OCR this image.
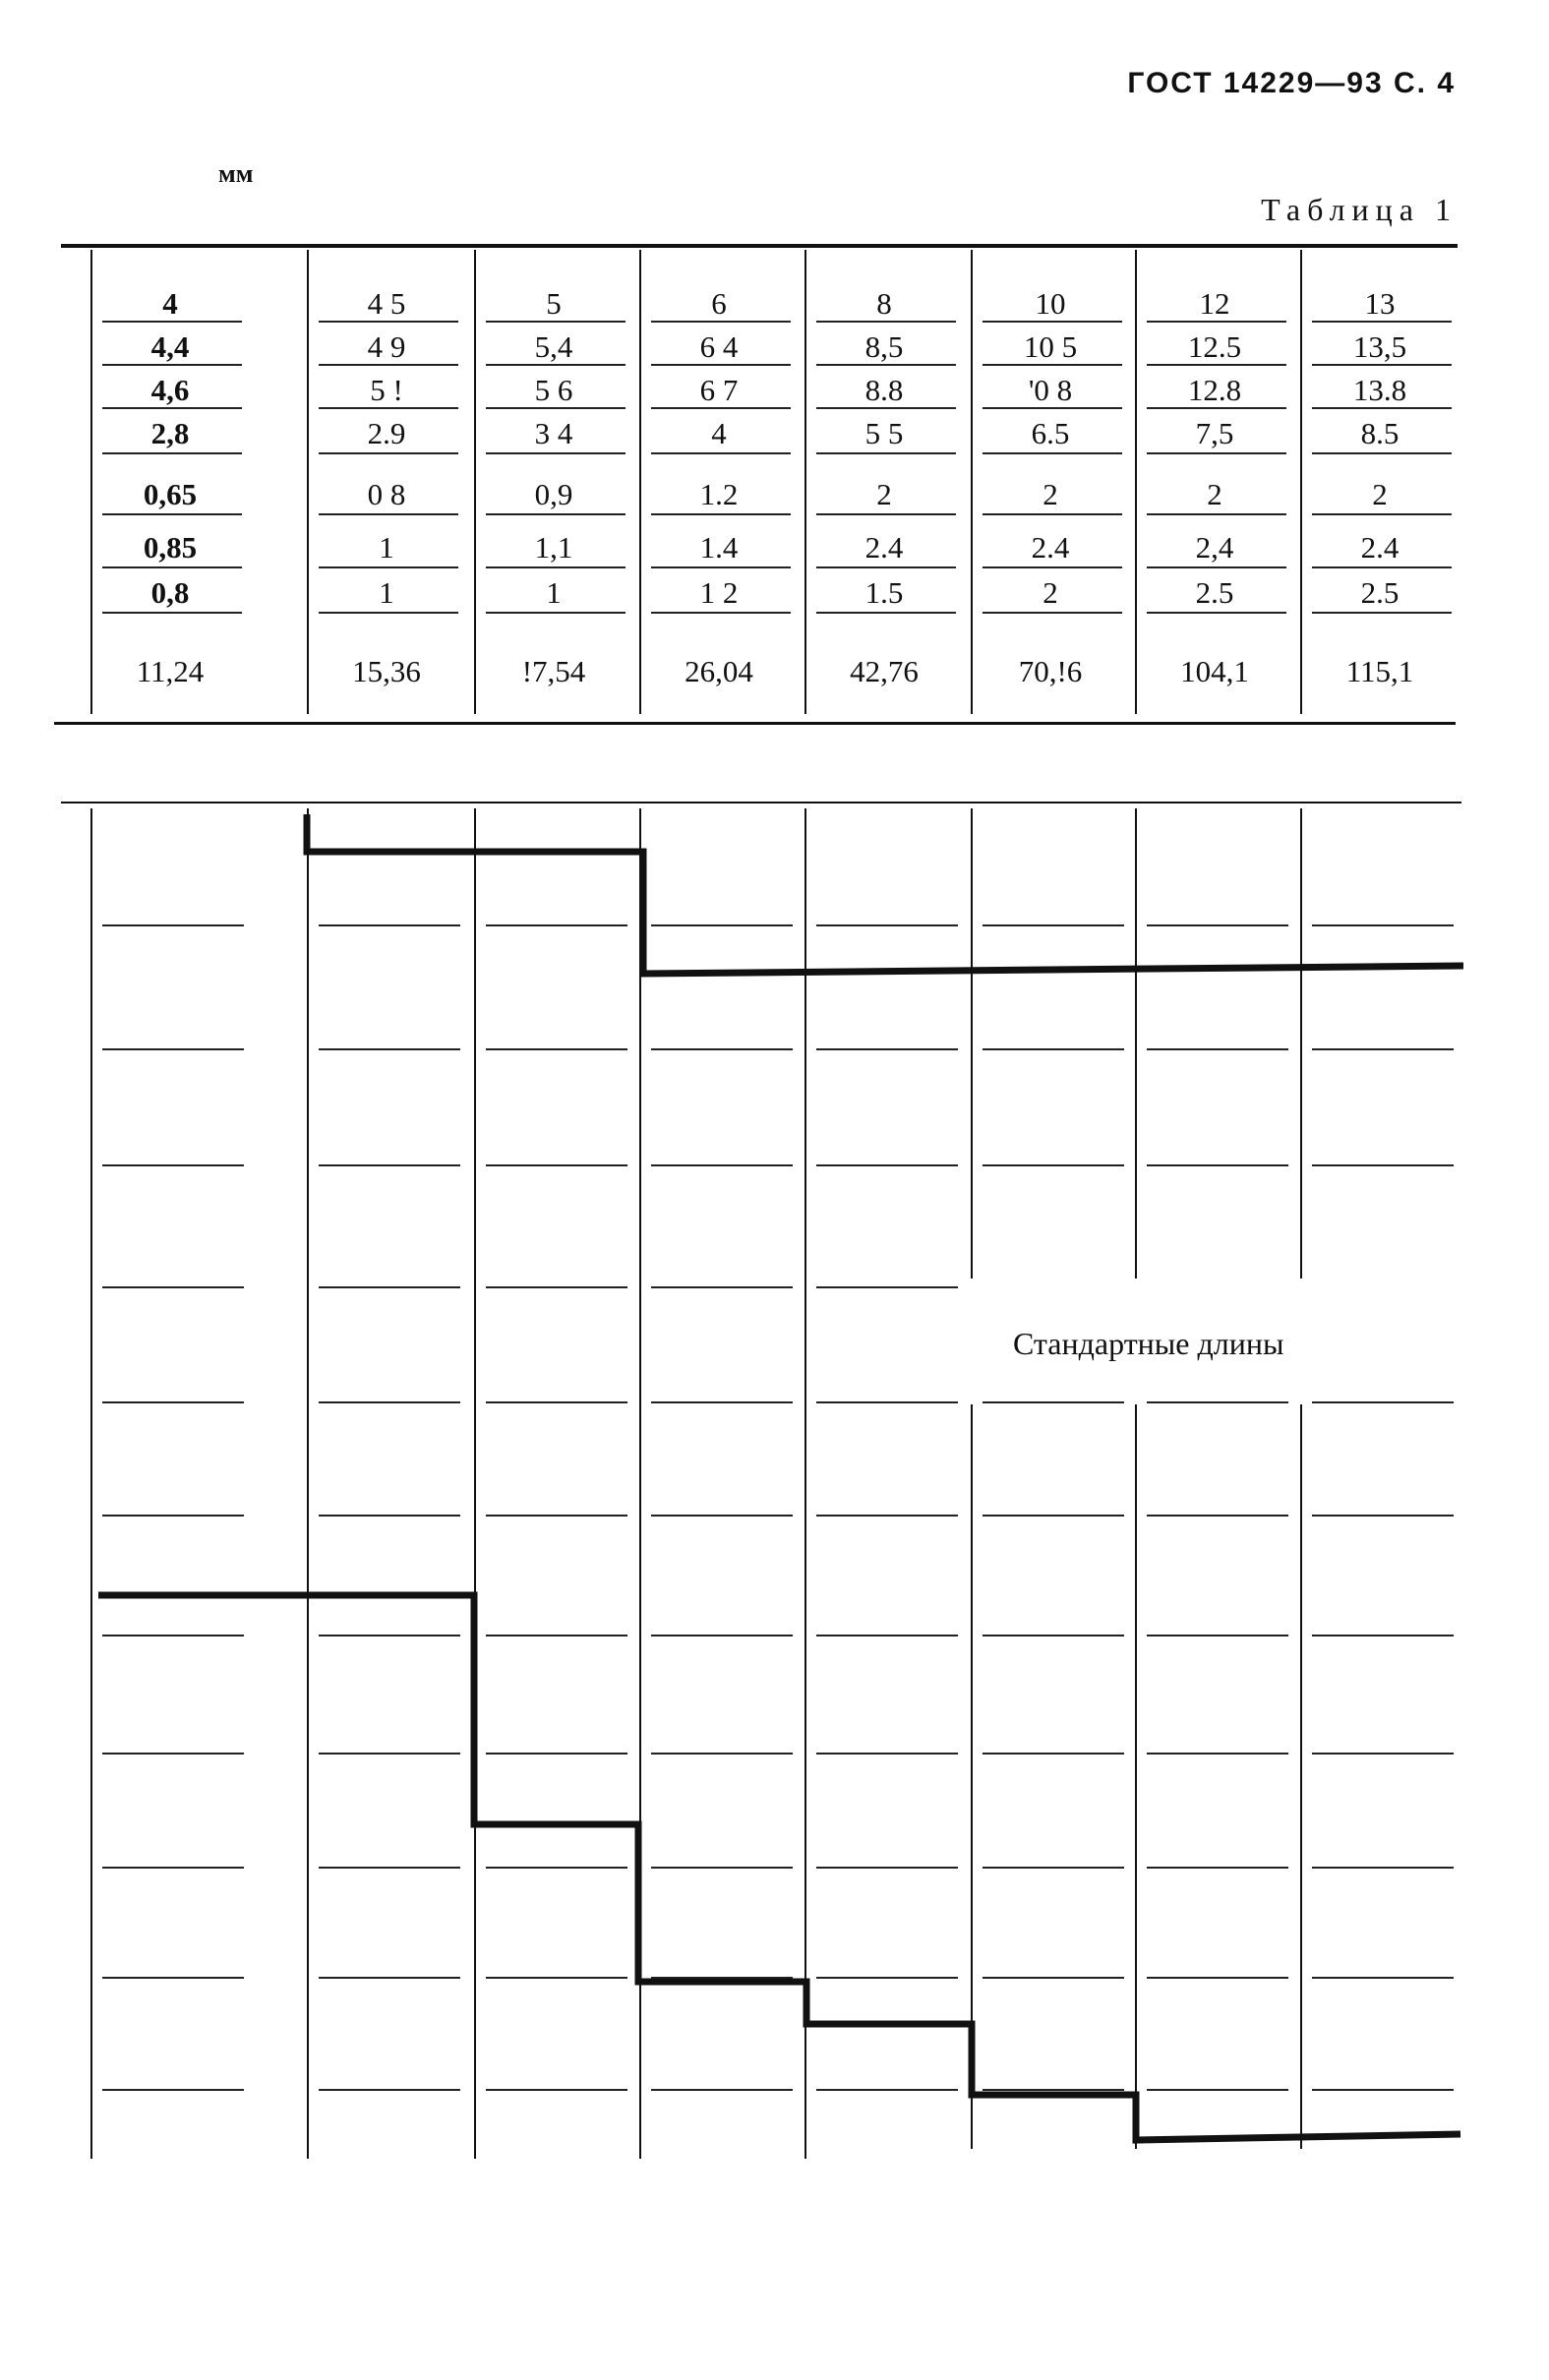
ГОСТ 14229—93 С. 4
мм
Таблица 1
4
4,4
4,6
2,8
0,65
0,85
0,8
11,24
4 5
4 9
5 !
2.9
0 8
1
1
15,36
5
5,4
5 6
3 4
0,9
1,1
1
!7,54
6
6 4
6 7
4
1.2
1.4
1 2
26,04
8
8,5
8.8
5 5
2
2.4
1.5
42,76
10
10 5
'0 8
6.5
2
2.4
2
70,!6
12
12.5
12.8
7,5
2
2,4
2.5
104,1
13
13,5
13.8
8.5
2
2.4
2.5
115,1
Стандартные длины
